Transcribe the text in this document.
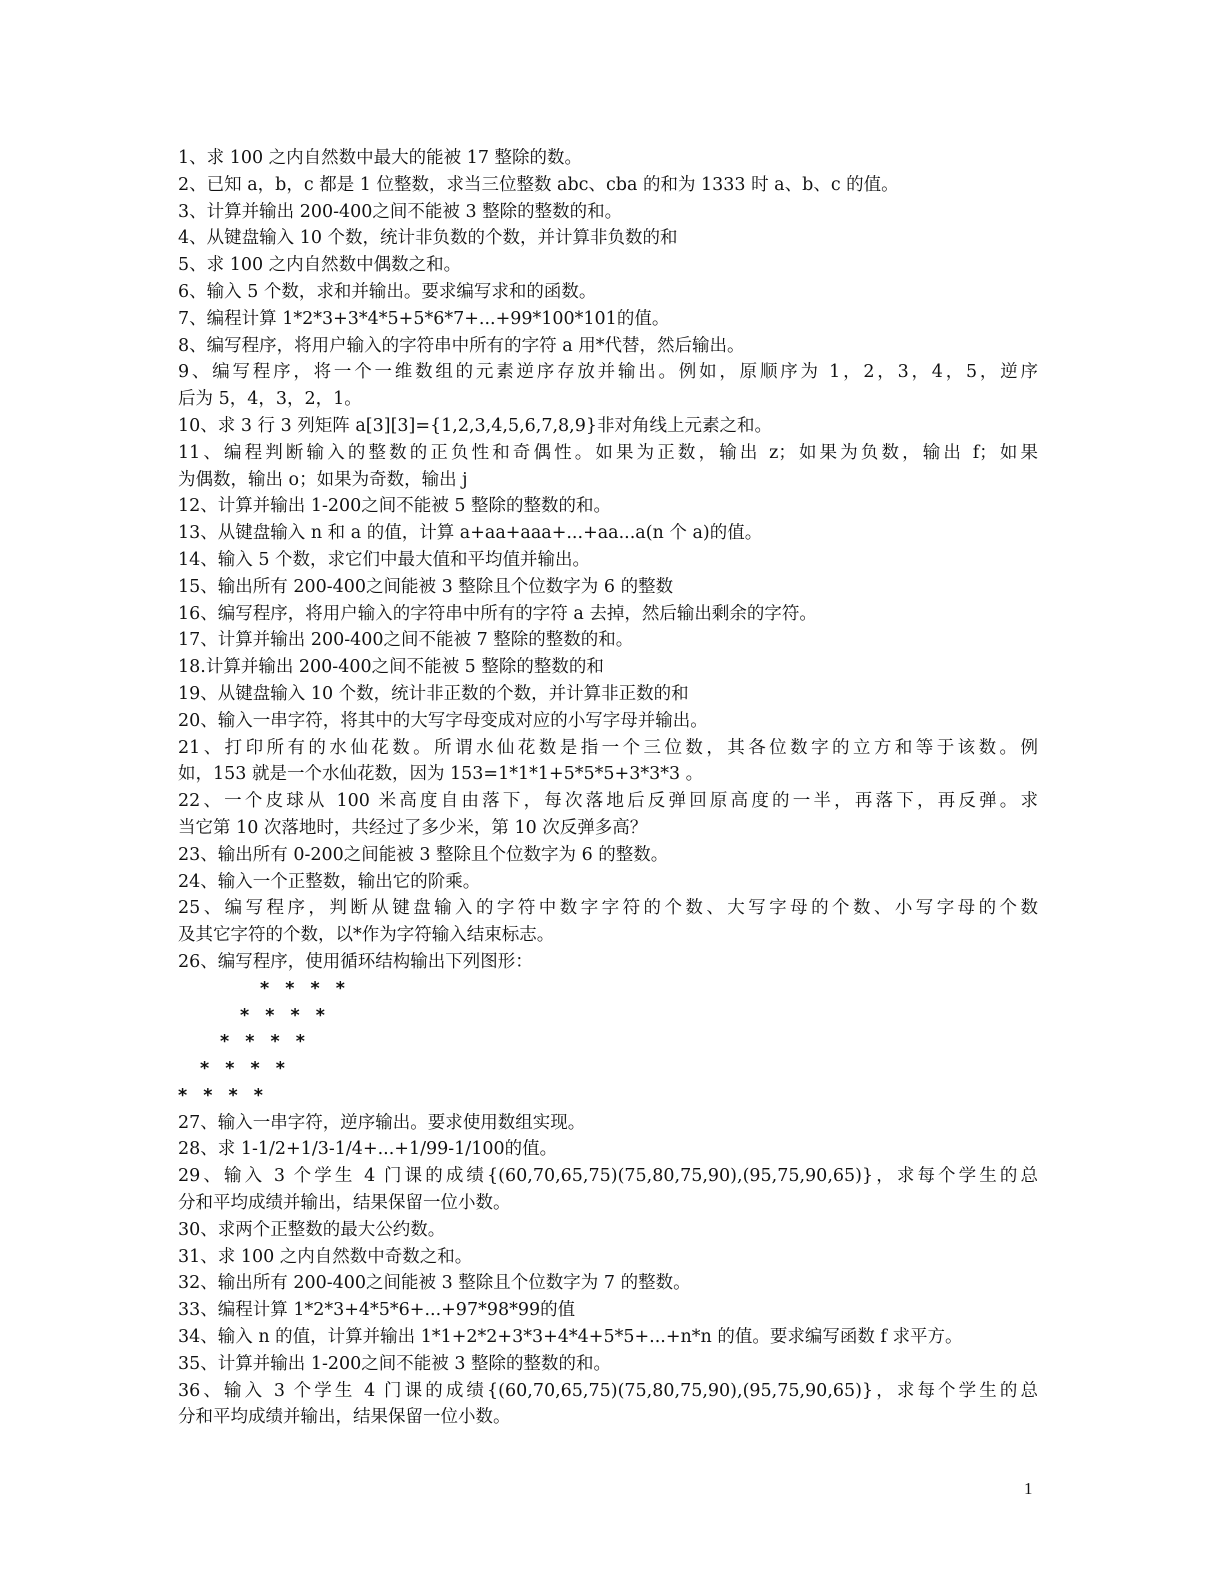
1、求 100 之内自然数中最大的能被 17 整除的数。
2、已知 a，b，c 都是 1 位整数，求当三位整数 abc、cba 的和为 1333 时 a、b、c 的值。
3、计算并输出 200-400之间不能被 3 整除的整数的和。
4、从键盘输入 10 个数，统计非负数的个数，并计算非负数的和
5、求 100 之内自然数中偶数之和。
6、输入 5 个数，求和并输出。要求编写求和的函数。
7、编程计算 1*2*3+3*4*5+5*6*7+...+99*100*101的值。
8、编写程序，将用户输入的字符串中所有的字符 a 用*代替，然后输出。
9、编写程序，将一个一维数组的元素逆序存放并输出。例如，原顺序为 1，2，3，4，5，逆序
后为 5，4，3，2，1。
10、求 3 行 3 列矩阵 a[3][3]={1,2,3,4,5,6,7,8,9}非对角线上元素之和。
11、编程判断输入的整数的正负性和奇偶性。如果为正数，输出 z；如果为负数，输出 f；如果
为偶数，输出 o；如果为奇数，输出 j
12、计算并输出 1-200之间不能被 5 整除的整数的和。
13、从键盘输入 n 和 a 的值，计算 a+aa+aaa+...+aa...a(n 个 a)的值。
14、输入 5 个数，求它们中最大值和平均值并输出。
15、输出所有 200-400之间能被 3 整除且个位数字为 6 的整数
16、编写程序，将用户输入的字符串中所有的字符 a 去掉，然后输出剩余的字符。
17、计算并输出 200-400之间不能被 7 整除的整数的和。
18.计算并输出 200-400之间不能被 5 整除的整数的和
19、从键盘输入 10 个数，统计非正数的个数，并计算非正数的和
20、输入一串字符，将其中的大写字母变成对应的小写字母并输出。
21、打印所有的水仙花数。所谓水仙花数是指一个三位数，其各位数字的立方和等于该数。例
如，153 就是一个水仙花数，因为 153=1*1*1+5*5*5+3*3*3 。
22、一个皮球从 100 米高度自由落下，每次落地后反弹回原高度的一半，再落下，再反弹。求
当它第 10 次落地时，共经过了多少米，第 10 次反弹多高？
23、输出所有 0-200之间能被 3 整除且个位数字为 6 的整数。
24、输入一个正整数，输出它的阶乘。
25、编写程序，判断从键盘输入的字符中数字字符的个数、大写字母的个数、小写字母的个数
及其它字符的个数，以*作为字符输入结束标志。
26、编写程序，使用循环结构输出下列图形：
* * * *
* * * *
* * * *
* * * *
* * * *
27、输入一串字符，逆序输出。要求使用数组实现。
28、求 1-1/2+1/3-1/4+...+1/99-1/100的值。
29、输入 3 个学生 4 门课的成绩{(60,70,65,75)(75,80,75,90),(95,75,90,65)}，求每个学生的总
分和平均成绩并输出，结果保留一位小数。
30、求两个正整数的最大公约数。
31、求 100 之内自然数中奇数之和。
32、输出所有 200-400之间能被 3 整除且个位数字为 7 的整数。
33、编程计算 1*2*3+4*5*6+...+97*98*99的值
34、输入 n 的值，计算并输出 1*1+2*2+3*3+4*4+5*5+...+n*n 的值。要求编写函数 f 求平方。
35、计算并输出 1-200之间不能被 3 整除的整数的和。
36、输入 3 个学生 4 门课的成绩{(60,70,65,75)(75,80,75,90),(95,75,90,65)}，求每个学生的总
分和平均成绩并输出，结果保留一位小数。
1
